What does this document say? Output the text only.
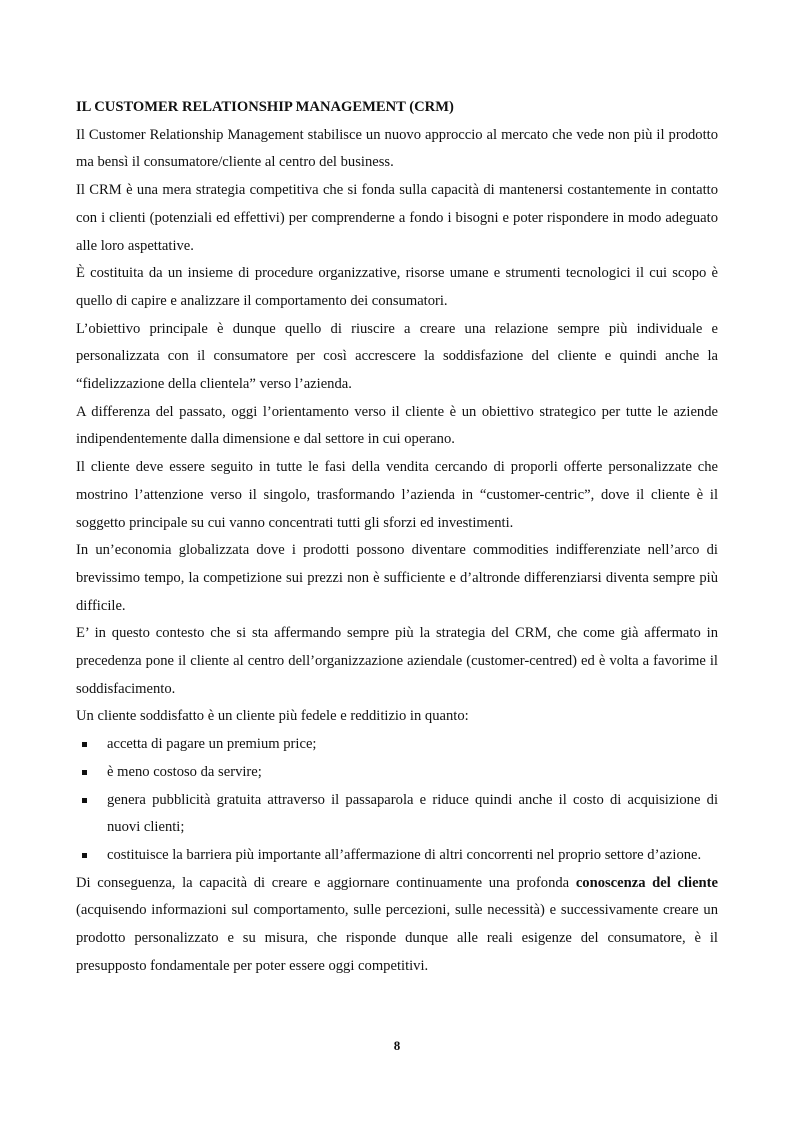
IL CUSTOMER RELATIONSHIP MANAGEMENT (CRM)

Il Customer Relationship Management stabilisce un nuovo approccio al mercato che vede non più il prodotto ma bensì il consumatore/cliente al centro del business.

Il CRM è una mera strategia competitiva che si fonda sulla capacità di mantenersi costantemente in contatto con i clienti (potenziali ed effettivi) per comprenderne a fondo i bisogni e poter rispondere in modo adeguato alle loro aspettative.

È costituita da un insieme di procedure organizzative, risorse umane e strumenti tecnologici il cui scopo è quello di capire e analizzare il comportamento dei consumatori.

L’obiettivo principale è dunque quello di riuscire a creare una relazione sempre più individuale e personalizzata con il consumatore per così accrescere la soddisfazione del cliente e quindi anche la “fidelizzazione della clientela” verso l’azienda.

A differenza del passato, oggi l’orientamento verso il cliente è un obiettivo strategico per tutte le aziende indipendentemente dalla dimensione e dal settore in cui operano.

Il cliente deve essere seguito in tutte le fasi della vendita cercando di proporli offerte personalizzate che mostrino l’attenzione verso il singolo, trasformando l’azienda in “customer-centric”, dove il cliente è il soggetto principale su cui vanno concentrati tutti gli sforzi ed investimenti.

In un’economia globalizzata dove i prodotti possono diventare commodities indifferenziate nell’arco di brevissimo tempo, la competizione sui prezzi non è sufficiente e d’altronde differenziarsi diventa sempre più difficile.

E’ in questo contesto che si sta affermando sempre più la strategia del CRM, che come già affermato in precedenza pone il cliente al centro dell’organizzazione aziendale (customer-centred) ed è volta a favorime il soddisfacimento.

Un cliente soddisfatto è un cliente più fedele e redditizio in quanto:

accetta di pagare un premium price;
è meno costoso da servire;
genera pubblicità gratuita attraverso il passaparola e riduce quindi anche il costo di acquisizione di nuovi clienti;
costituisce la barriera più importante all’affermazione di altri concorrenti nel proprio settore d’azione.

Di conseguenza, la capacità di creare e aggiornare continuamente una profonda conoscenza del cliente (acquisendo informazioni sul comportamento, sulle percezioni, sulle necessità) e successivamente creare un prodotto personalizzato e su misura, che risponde dunque alle reali esigenze del consumatore, è il presupposto fondamentale per poter essere oggi competitivi.

8
